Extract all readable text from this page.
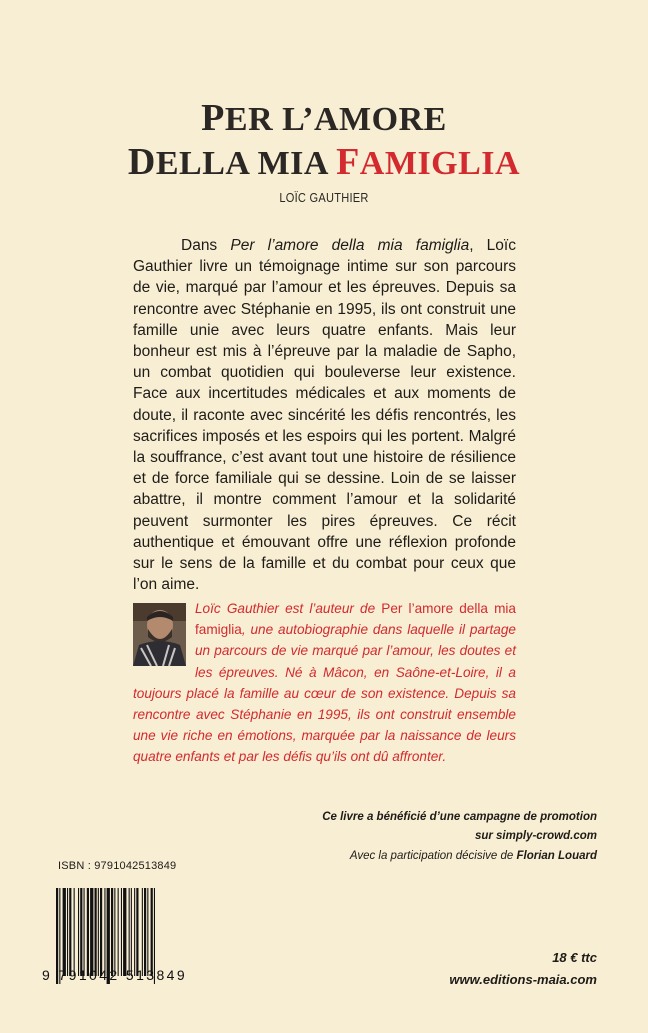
PER L’AMORE
DELLA MIA FAMIGLIA
LOÏC GAUTHIER

Dans Per l’amore della mia famiglia, Loïc Gauthier livre un témoignage intime sur son parcours de vie, marqué par l’amour et les épreuves. Depuis sa rencontre avec Stéphanie en 1995, ils ont construit une famille unie avec leurs quatre enfants. Mais leur bonheur est mis à l’épreuve par la maladie de Sapho, un combat quotidien qui bouleverse leur existence. Face aux incertitudes médicales et aux moments de doute, il raconte avec sincérité les défis rencontrés, les sacrifices imposés et les espoirs qui les portent. Malgré la souffrance, c’est avant tout une histoire de résilience et de force familiale qui se dessine. Loin de se laisser abattre, il montre comment l’amour et la solidarité peuvent surmonter les pires épreuves. Ce récit authentique et émouvant offre une réflexion profonde sur le sens de la famille et du combat pour ceux que l’on aime.

Loïc Gauthier est l’auteur de Per l’amore della mia famiglia, une autobiographie dans laquelle il partage un parcours de vie marqué par l’amour, les doutes et les épreuves. Né à Mâcon, en Saône-et-Loire, il a toujours placé la famille au cœur de son existence. Depuis sa rencontre avec Stéphanie en 1995, ils ont construit ensemble une vie riche en émotions, marquée par la naissance de leurs quatre enfants et par les défis qu’ils ont dû affronter.

Ce livre a bénéficié d’une campagne de promotion
sur simply-crowd.com
Avec la participation décisive de Florian Louard
ISBN : 9791042513849
9 791042 513849
18 € ttc
www.editions-maia.com
